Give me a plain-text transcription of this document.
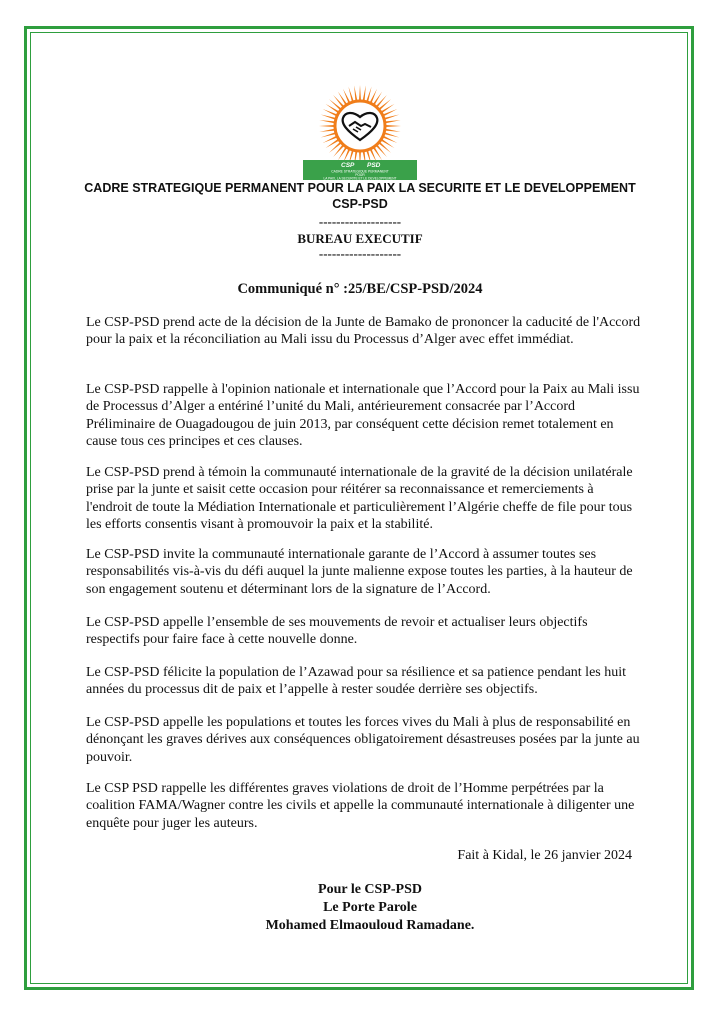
CSP PSD
CADRE STRATEGIQUE PERMANENT
POUR
LA PAIX, LA SECURITE ET LE DEVELOPPEMENT
CADRE STRATEGIQUE PERMANENT POUR LA PAIX LA SECURITE ET LE DEVELOPPEMENT
CSP-PSD
-------------------
BUREAU EXECUTIF
-------------------
Communiqué n° :25/BE/CSP-PSD/2024

Le CSP-PSD prend acte de la décision de la Junte de Bamako de prononcer la caducité de l'Accord pour la paix et la réconciliation au Mali issu du Processus d’Alger avec effet immédiat.

Le CSP-PSD rappelle à l'opinion nationale et internationale que l’Accord pour la Paix au Mali issu de Processus d’Alger a entériné l’unité du Mali, antérieurement consacrée par l’Accord Préliminaire de Ouagadougou de juin 2013, par conséquent cette décision remet totalement en cause tous ces principes et ces clauses.

Le CSP-PSD prend à témoin la communauté internationale de la gravité de la décision unilatérale prise par la junte et saisit cette occasion pour réitérer sa reconnaissance et remerciements à l'endroit de toute la Médiation Internationale et particulièrement l’Algérie cheffe de file pour tous les efforts consentis visant à promouvoir la paix et la stabilité.

Le CSP-PSD invite la communauté internationale garante de l’Accord à assumer toutes ses responsabilités vis-à-vis du défi auquel la junte malienne expose toutes les parties, à la hauteur de son engagement soutenu et déterminant lors de la signature de l’Accord.

Le CSP-PSD appelle l’ensemble de ses mouvements de revoir et actualiser leurs objectifs respectifs pour faire face à cette nouvelle donne.

Le CSP-PSD félicite la population de l’Azawad pour sa résilience et sa patience pendant les huit années du processus dit de paix et l’appelle à rester soudée derrière ses objectifs.

Le CSP-PSD appelle les populations et toutes les forces vives du Mali à plus de responsabilité en dénonçant les graves dérives aux conséquences obligatoirement désastreuses posées par la junte au pouvoir.

Le CSP PSD rappelle les différentes graves violations de droit de l’Homme perpétrées par la coalition FAMA/Wagner contre les civils et appelle la communauté internationale à diligenter une enquête pour juger les auteurs.

Fait à Kidal, le 26 janvier 2024
Pour le CSP-PSD
Le Porte Parole
Mohamed Elmaouloud Ramadane.
